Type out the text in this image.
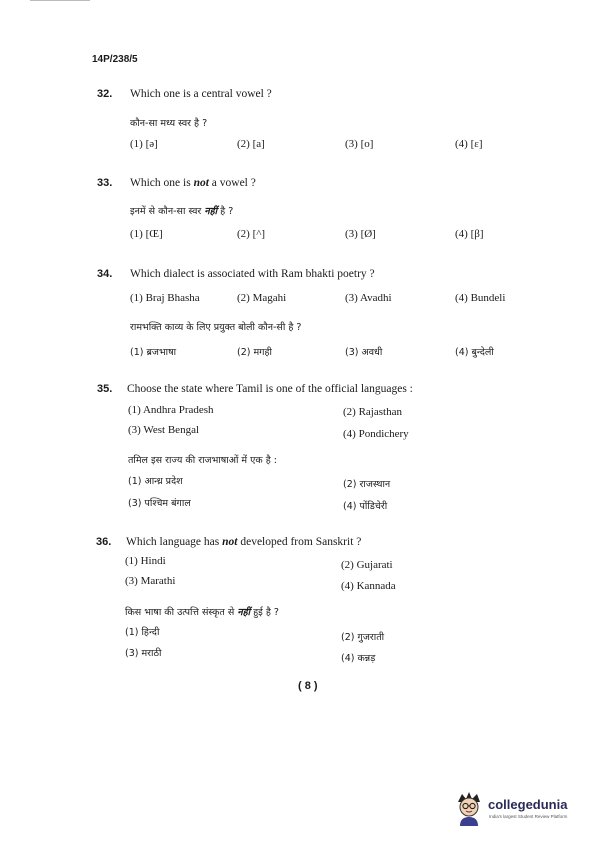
14P/238/5
32. Which one is a central vowel ?
कौन-सा मध्य स्वर है ?
(1) [ə]	(2) [a]	(3) [o]	(4) [ɛ]
33. Which one is not a vowel ?
इनमें से कौन-सा स्वर नहीं है ?
(1) [Œ]	(2) [^]	(3) [Ø]	(4) [β]
34. Which dialect is associated with Ram bhakti poetry ?
(1) Braj Bhasha	(2) Magahi	(3) Avadhi	(4) Bundeli
रामभक्ति काव्य के लिए प्रयुक्त बोली कौन-सी है ?
(1) ब्रजभाषा	(2) मगही	(3) अवधी	(4) बुन्देली
35. Choose the state where Tamil is one of the official languages :
(1) Andhra Pradesh	(2) Rajasthan
(3) West Bengal	(4) Pondichery
तमिल इस राज्य की राजभाषाओं में एक है :
(1) आन्ध्र प्रदेश	(2) राजस्थान
(3) पश्चिम बंगाल	(4) पोंडिचेरी
36. Which language has not developed from Sanskrit ?
(1) Hindi	(2) Gujarati
(3) Marathi	(4) Kannada
किस भाषा की उत्पत्ति संस्कृत से नहीं हुई है ?
(1) हिन्दी	(2) गुजराती
(3) मराठी	(4) कन्नड़
( 8 )
collegedunia
India's largest Student Review Platform
